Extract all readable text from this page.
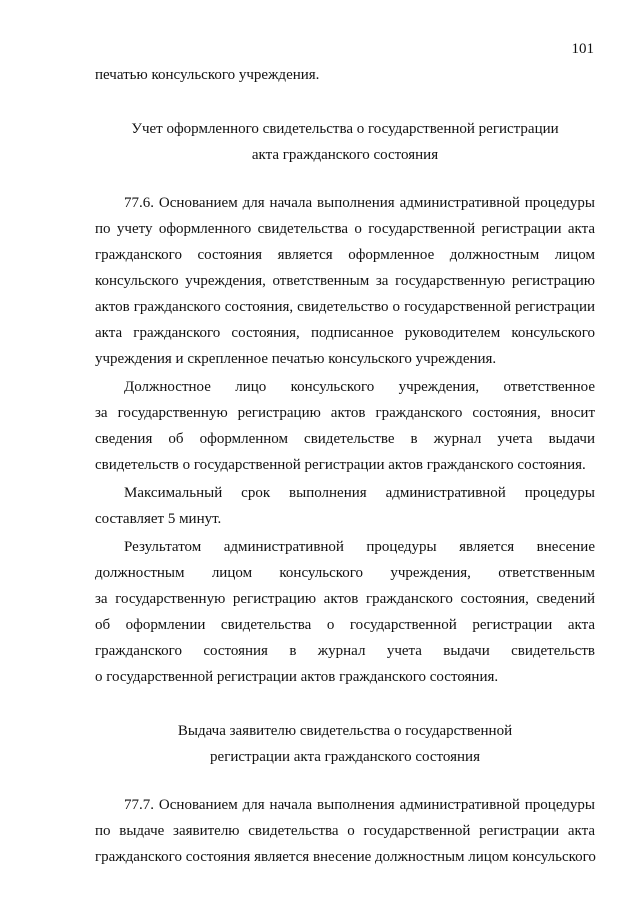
101
печатью консульского учреждения.
Учет оформленного свидетельства о государственной регистрации
акта гражданского состояния
77.6. Основанием для начала выполнения административной процедуры
по учету оформленного свидетельства о государственной регистрации акта
гражданского состояния является оформленное должностным лицом
консульского учреждения, ответственным за государственную регистрацию
актов гражданского состояния, свидетельство о государственной регистрации
акта гражданского состояния, подписанное руководителем консульского
учреждения и скрепленное печатью консульского учреждения.
Должностное лицо консульского учреждения, ответственное
за государственную регистрацию актов гражданского состояния, вносит
сведения об оформленном свидетельстве в журнал учета выдачи
свидетельств о государственной регистрации актов гражданского состояния.
Максимальный срок выполнения административной процедуры
составляет 5 минут.
Результатом административной процедуры является внесение
должностным лицом консульского учреждения, ответственным
за государственную регистрацию актов гражданского состояния, сведений
об оформлении свидетельства о государственной регистрации акта
гражданского состояния в журнал учета выдачи свидетельств
о государственной регистрации актов гражданского состояния.
Выдача заявителю свидетельства о государственной
регистрации акта гражданского состояния
77.7. Основанием для начала выполнения административной процедуры
по выдаче заявителю свидетельства о государственной регистрации акта
гражданского состояния является внесение должностным лицом консульского
